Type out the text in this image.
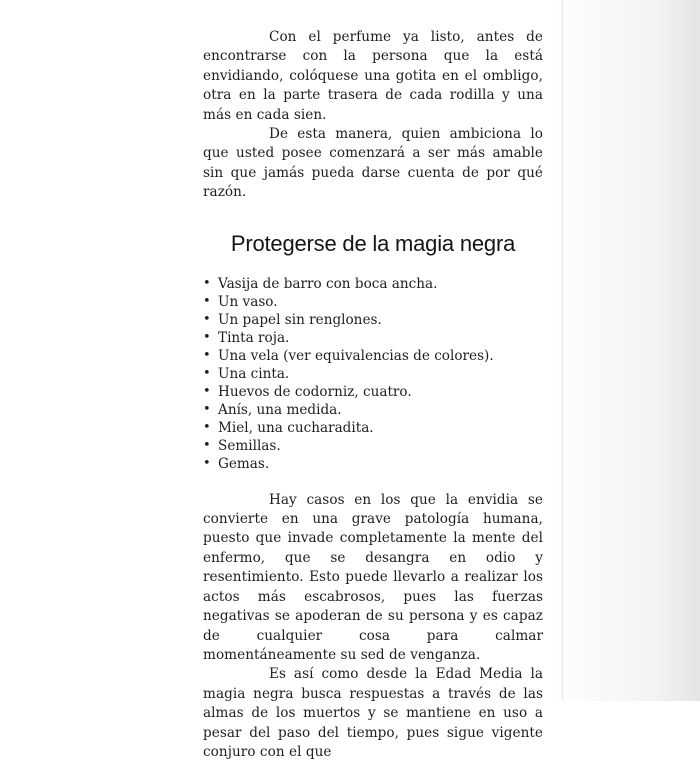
Con el perfume ya listo, antes de encontrarse con la persona que la está envidiando, colóquese una gotita en el ombligo, otra en la parte trasera de cada rodilla y una más en cada sien.

De esta manera, quien ambiciona lo que usted posee comenzará a ser más amable sin que jamás pueda darse cuenta de por qué razón.

Protegerse de la magia negra
• Vasija de barro con boca ancha.
• Un vaso.
• Un papel sin renglones.
• Tinta roja.
• Una vela (ver equivalencias de colores).
• Una cinta.
• Huevos de codorniz, cuatro.
• Anís, una medida.
• Miel, una cucharadita.
• Semillas.
• Gemas.

Hay casos en los que la envidia se convierte en una grave patología humana, puesto que invade completamente la mente del enfermo, que se desangra en odio y resentimiento. Esto puede llevarlo a realizar los actos más escabrosos, pues las fuerzas negativas se apoderan de su persona y es capaz de cualquier cosa para calmar momentáneamente su sed de venganza.

Es así como desde la Edad Media la magia negra busca respuestas a través de las almas de los muertos y se mantiene en uso a pesar del paso del tiempo, pues sigue vigente conjuro con el que
